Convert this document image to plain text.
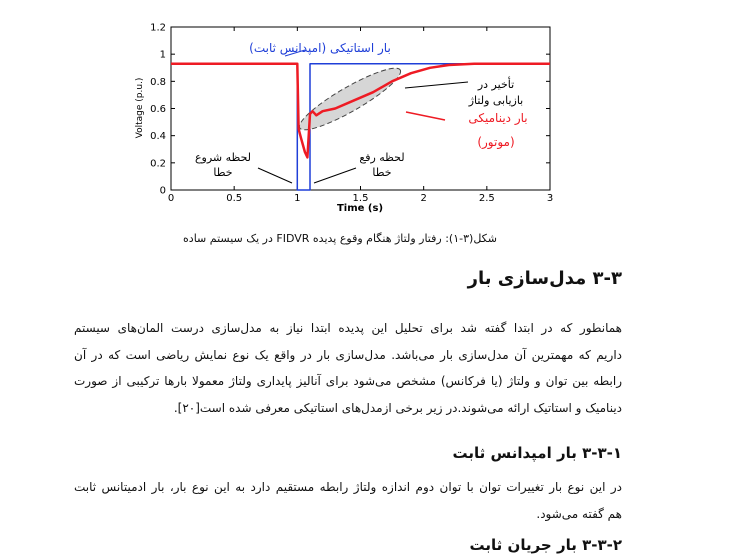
0	0.5	1	1.5	2	2.5	3
0
0.2
0.4
0.6
0.8
1
1.2
بار استاتیکی (امپدانس ثابت)
تأخیر در
بازیابی ولتاژ
بار دینامیکی
(موتور)
لحظه شروع
خطا
لحظه رفع
خطا
Time (s)
Voltage (p.u.)
شکل(۳-۱): رفتار ولتاژ هنگام وقوع پدیده FIDVR در یک سیستم ساده
۳-۳ مدل‌سازی بار
همانطور که در ابتدا گفته شد برای تحلیل این پدیده ابتدا نیاز به مدل‌سازی درست المان‌های سیستم
داریم که مهمترین آن مدل‌سازی بار می‌باشد. مدل‌سازی بار در واقع یک نوع نمایش ریاضی است که در آن
رابطه بین توان و ولتاژ (یا فرکانس) مشخص می‌شود برای آنالیز پایداری ولتاژ معمولا بارها ترکیبی از صورت
دینامیک و استاتیک ارائه می‌شوند.در زیر برخی ازمدل‌های استاتیکی معرفی شده است[۲۰].
۳-۳-۱ بار امپدانس ثابت
در این نوع بار تغییرات توان با توان دوم اندازه ولتاژ رابطه مستقیم دارد به این نوع بار، بار ادمیتانس ثابت
هم گفته می‌شود.
۳-۳-۲ بار جریان ثابت
